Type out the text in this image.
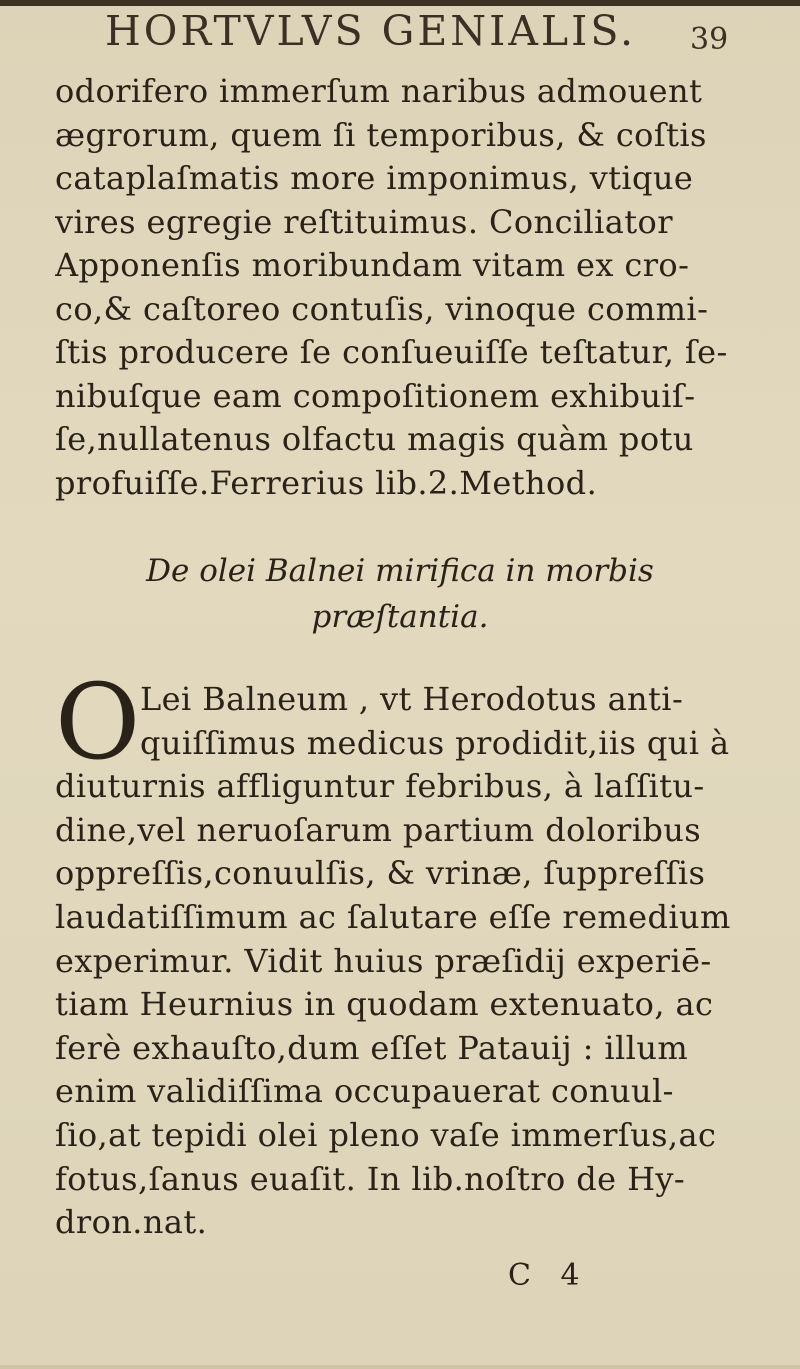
HORTVLVS GENIALIS. 39
odorifero immerſum naribus admouent
ægrorum, quem ſi temporibus, & coſtis
cataplaſmatis more imponimus, vtique
vires egregie reſtituimus. Conciliator
Apponenſis moribundam vitam ex cro-
co,& caſtoreo contuſis, vinoque commi-
ſtis producere ſe conſueuiſſe teſtatur, ſe-
nibuſque eam compoſitionem exhibuiſ-
ſe,nullatenus olfactu magis quàm potu
profuiſſe.Ferrerius lib.2.Method.
De olei Balnei mirifica in morbis
præſtantia.
O Lei Balneum , vt Herodotus anti-
quiſſimus medicus prodidit,iis qui à
diuturnis affliguntur febribus, à laſſitu-
dine,vel neruoſarum partium doloribus
oppreſſis,conuulſis, & vrinæ, ſuppreſſis
laudatiſſimum ac ſalutare eſſe remedium
experimur. Vidit huius præſidij experiē-
tiam Heurnius in quodam extenuato, ac
ferè exhauſto,dum eſſet Patauij : illum
enim validiſſima occupauerat conuul-
ſio,at tepidi olei pleno vaſe immerſus,ac
fotus,ſanus euaſit. In lib.noſtro de Hy-
dron.nat.
C 4
